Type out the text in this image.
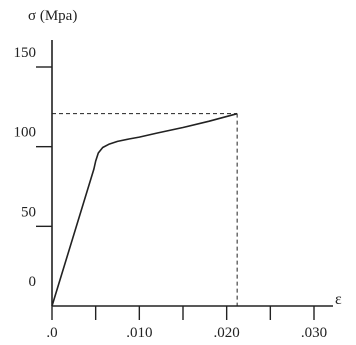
0
50
100
150
.0	.010	.020	.030
σ (Mpa)
ε
